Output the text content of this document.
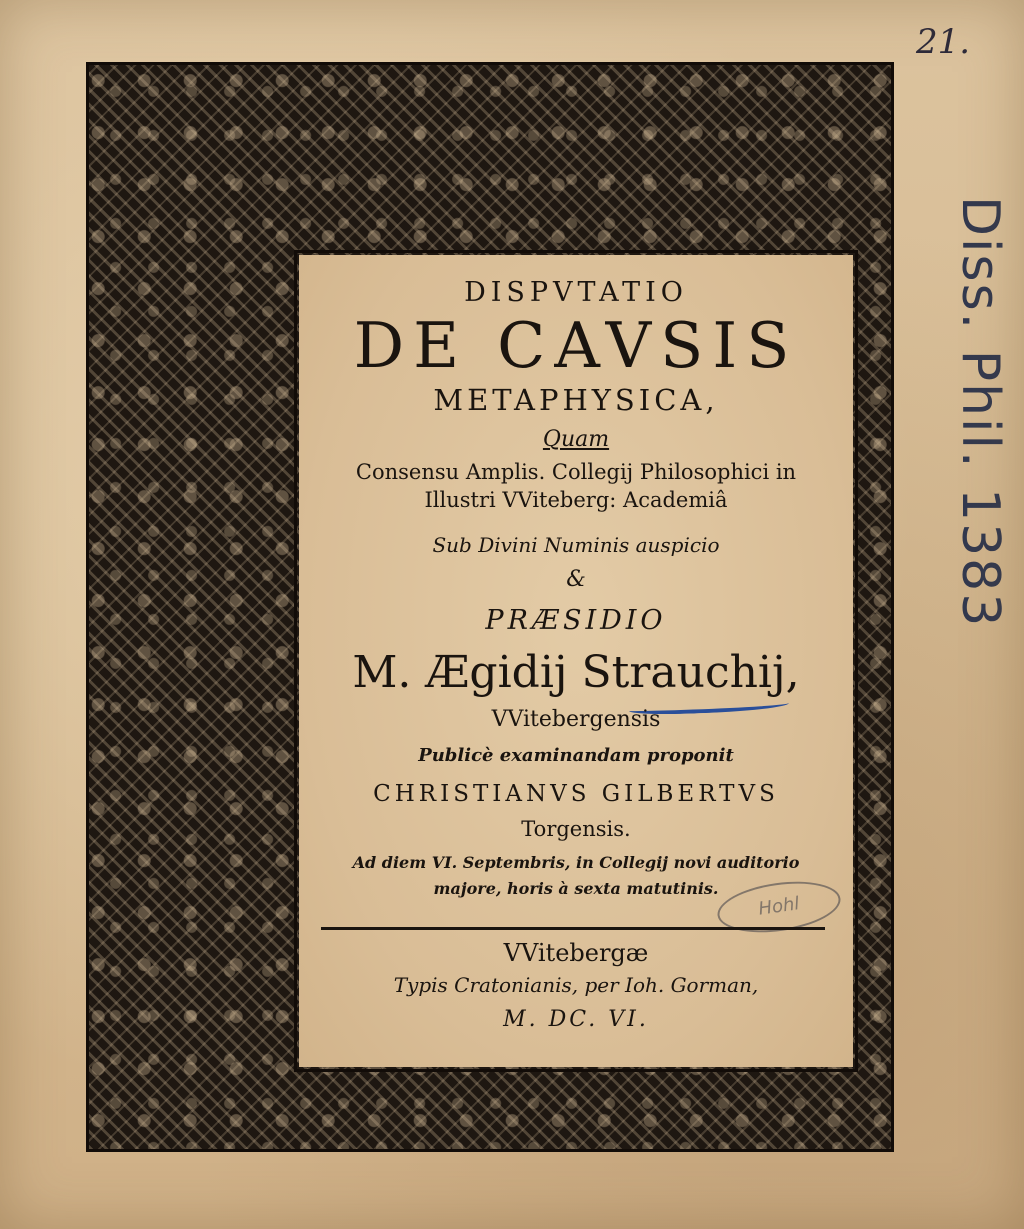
21.
Diss. Phil. 1383
DISPVTATIO
DE CAVSIS
METAPHYSICA,
Quam
Consensu Amplis. Collegij Philosophici in
Illustri VViteberg: Academiâ
Sub Divini Numinis auspicio
&
PRÆSIDIO
M. Ægidij Strauchij,
VVitebergensis
Publicè examinandam proponit
CHRISTIANVS GILBERTVS
Torgensis.
Ad diem VI. Septembris, in Collegij novi auditorio
majore, horis à sexta matutinis.
Hohl
VVitebergæ
Typis Cratonianis, per Ioh. Gorman,
M. DC. VI.
